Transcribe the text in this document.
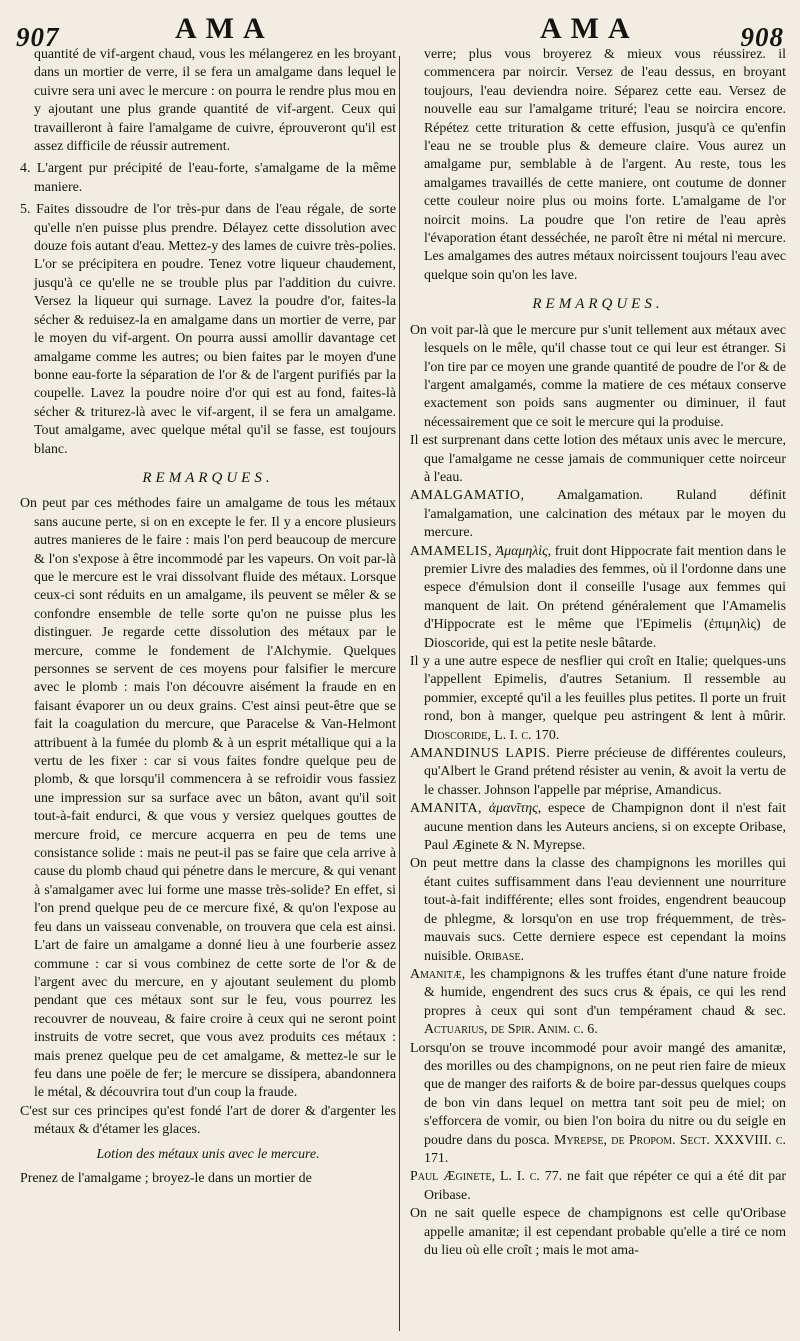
907	AMA	AMA	908

quantité de vif-argent chaud, vous les mélangerez en les broyant dans un mortier de verre, il se fera un amalgame dans lequel le cuivre sera uni avec le mercure : on pourra le rendre plus mou en y ajoutant une plus grande quantité de vif-argent. Ceux qui travailleront à faire l'amalgame de cuivre, éprouveront qu'il est assez difficile de réussir autrement.

4. L'argent pur précipité de l'eau-forte, s'amalgame de la même maniere.

5. Faites dissoudre de l'or très-pur dans de l'eau régale, de sorte qu'elle n'en puisse plus prendre. Délayez cette dissolution avec douze fois autant d'eau. Mettez-y des lames de cuivre très-polies. L'or se précipitera en poudre. Tenez votre liqueur chaudement, jusqu'à ce qu'elle ne se trouble plus par l'addition du cuivre. Versez la liqueur qui surnage. Lavez la poudre d'or, faites-la sécher & reduisez-la en amalgame dans un mortier de verre, par le moyen du vif-argent. On pourra aussi amollir davantage cet amalgame comme les autres; ou bien faites par le moyen d'une bonne eau-forte la séparation de l'or & de l'argent purifiés par la coupelle. Lavez la poudre noire d'or qui est au fond, faites-là sécher & triturez-là avec le vif-argent, il se fera un amalgame. Tout amalgame, avec quelque métal qu'il se fasse, est toujours blanc.

REMARQUES.

On peut par ces méthodes faire un amalgame de tous les métaux sans aucune perte, si on en excepte le fer. Il y a encore plusieurs autres manieres de le faire : mais l'on perd beaucoup de mercure & l'on s'expose à être incommodé par les vapeurs. On voit par-là que le mercure est le vrai dissolvant fluide des métaux. Lorsque ceux-ci sont réduits en un amalgame, ils peuvent se mêler & se confondre ensemble de telle sorte qu'on ne puisse plus les distinguer. Je regarde cette dissolution des métaux par le mercure, comme le fondement de l'Alchymie. Quelques personnes se servent de ces moyens pour falsifier le mercure avec le plomb : mais l'on découvre aisément la fraude en en faisant évaporer un ou deux grains. C'est ainsi peut-être que se fait la coagulation du mercure, que Paracelse & Van-Helmont attribuent à la fumée du plomb & à un esprit métallique qui a la vertu de les fixer : car si vous faites fondre quelque peu de plomb, & que lorsqu'il commencera à se refroidir vous fassiez une impression sur sa surface avec un bâton, avant qu'il soit tout-à-fait endurci, & que vous y versiez quelques gouttes de mercure froid, ce mercure acquerra en peu de tems une consistance solide : mais ne peut-il pas se faire que cela arrive à cause du plomb chaud qui pénetre dans le mercure, & qui venant à s'amalgamer avec lui forme une masse très-solide? En effet, si l'on prend quelque peu de ce mercure fixé, & qu'on l'expose au feu dans un vaisseau convenable, on trouvera que cela est ainsi. L'art de faire un amalgame a donné lieu à une fourberie assez commune : car si vous combinez de cette sorte de l'or & de l'argent avec du mercure, en y ajoutant seulement du plomb pendant que ces métaux sont sur le feu, vous pourrez les recouvrer de nouveau, & faire croire à ceux qui ne seront point instruits de votre secret, que vous avez produits ces métaux : mais prenez quelque peu de cet amalgame, & mettez-le sur le feu dans une poële de fer; le mercure se dissipera, abandonnera le métal, & découvrira tout d'un coup la fraude.

C'est sur ces principes qu'est fondé l'art de dorer & d'argenter les métaux & d'étamer les glaces.

Lotion des métaux unis avec le mercure.

Prenez de l'amalgame ; broyez-le dans un mortier de

verre; plus vous broyerez & mieux vous réussirez. il commencera par noircir. Versez de l'eau dessus, en broyant toujours, l'eau deviendra noire. Séparez cette eau. Versez de nouvelle eau sur l'amalgame trituré; l'eau se noircira encore. Répétez cette trituration & cette effusion, jusqu'à ce qu'enfin l'eau ne se trouble plus & demeure claire. Vous aurez un amalgame pur, semblable à de l'argent. Au reste, tous les amalgames travaillés de cette maniere, ont coutume de donner cette couleur noire plus ou moins forte. L'amalgame de l'or noircit moins. La poudre que l'on retire de l'eau après l'évaporation étant desséchée, ne paroît être ni métal ni mercure. Les amalgames des autres métaux noircissent toujours l'eau avec quelque soin qu'on les lave.

REMARQUES.

On voit par-là que le mercure pur s'unit tellement aux métaux avec lesquels on le mêle, qu'il chasse tout ce qui leur est étranger. Si l'on tire par ce moyen une grande quantité de poudre de l'or & de l'argent amalgamés, comme la matiere de ces métaux conserve exactement son poids sans augmenter ou diminuer, il faut nécessairement que ce soit le mercure qui la produise.

Il est surprenant dans cette lotion des métaux unis avec le mercure, que l'amalgame ne cesse jamais de communiquer cette noirceur à l'eau.

AMALGAMATIO, Amalgamation. Ruland définit l'amalgamation, une calcination des métaux par le moyen du mercure.

AMAMELIS, Ἀμαμηλὶς, fruit dont Hippocrate fait mention dans le premier Livre des maladies des femmes, où il l'ordonne dans une espece d'émulsion dont il conseille l'usage aux femmes qui manquent de lait. On prétend généralement que l'Amamelis d'Hippocrate est le même que l'Epimelis (ἐπιμηλὶς) de Dioscoride, qui est la petite nesle bâtarde.

Il y a une autre espece de nesflier qui croît en Italie; quelques-uns l'appellent Epimelis, d'autres Setanium. Il ressemble au pommier, excepté qu'il a les feuilles plus petites. Il porte un fruit rond, bon à manger, quelque peu astringent & lent à mûrir. Dioscoride, L. I. c. 170.

AMANDINUS LAPIS. Pierre précieuse de différentes couleurs, qu'Albert le Grand prétend résister au venin, & avoit la vertu de le chasser. Johnson l'appelle par méprise, Amandicus.

AMANITA, ἀμανῖτης, espece de Champignon dont il n'est fait aucune mention dans les Auteurs anciens, si on excepte Oribase, Paul Æginete & N. Myrepse.

On peut mettre dans la classe des champignons les morilles qui étant cuites suffisamment dans l'eau deviennent une nourriture tout-à-fait indifférente; elles sont froides, engendrent beaucoup de phlegme, & lorsqu'on en use trop fréquemment, de très-mauvais sucs. Cette derniere espece est cependant la moins nuisible. Oribase.

Amanitæ, les champignons & les truffes étant d'une nature froide & humide, engendrent des sucs crus & épais, ce qui les rend propres à ceux qui sont d'un tempérament chaud & sec. Actuarius, de Spir. Anim. c. 6.

Lorsqu'on se trouve incommodé pour avoir mangé des amanitæ, des morilles ou des champignons, on ne peut rien faire de mieux que de manger des raiforts & de boire par-dessus quelques coups de bon vin dans lequel on mettra tant soit peu de miel; on s'efforcera de vomir, ou bien l'on boira du nitre ou du seigle en poudre dans du posca. Myrepse, de Propom. Sect. XXXVIII. c. 171.

Paul Æginete, L. I. c. 77. ne fait que répéter ce qui a été dit par Oribase.

On ne sait quelle espece de champignons est celle qu'Oribase appelle amanitæ; il est cependant probable qu'elle a tiré ce nom du lieu où elle croît ; mais le mot ama-
